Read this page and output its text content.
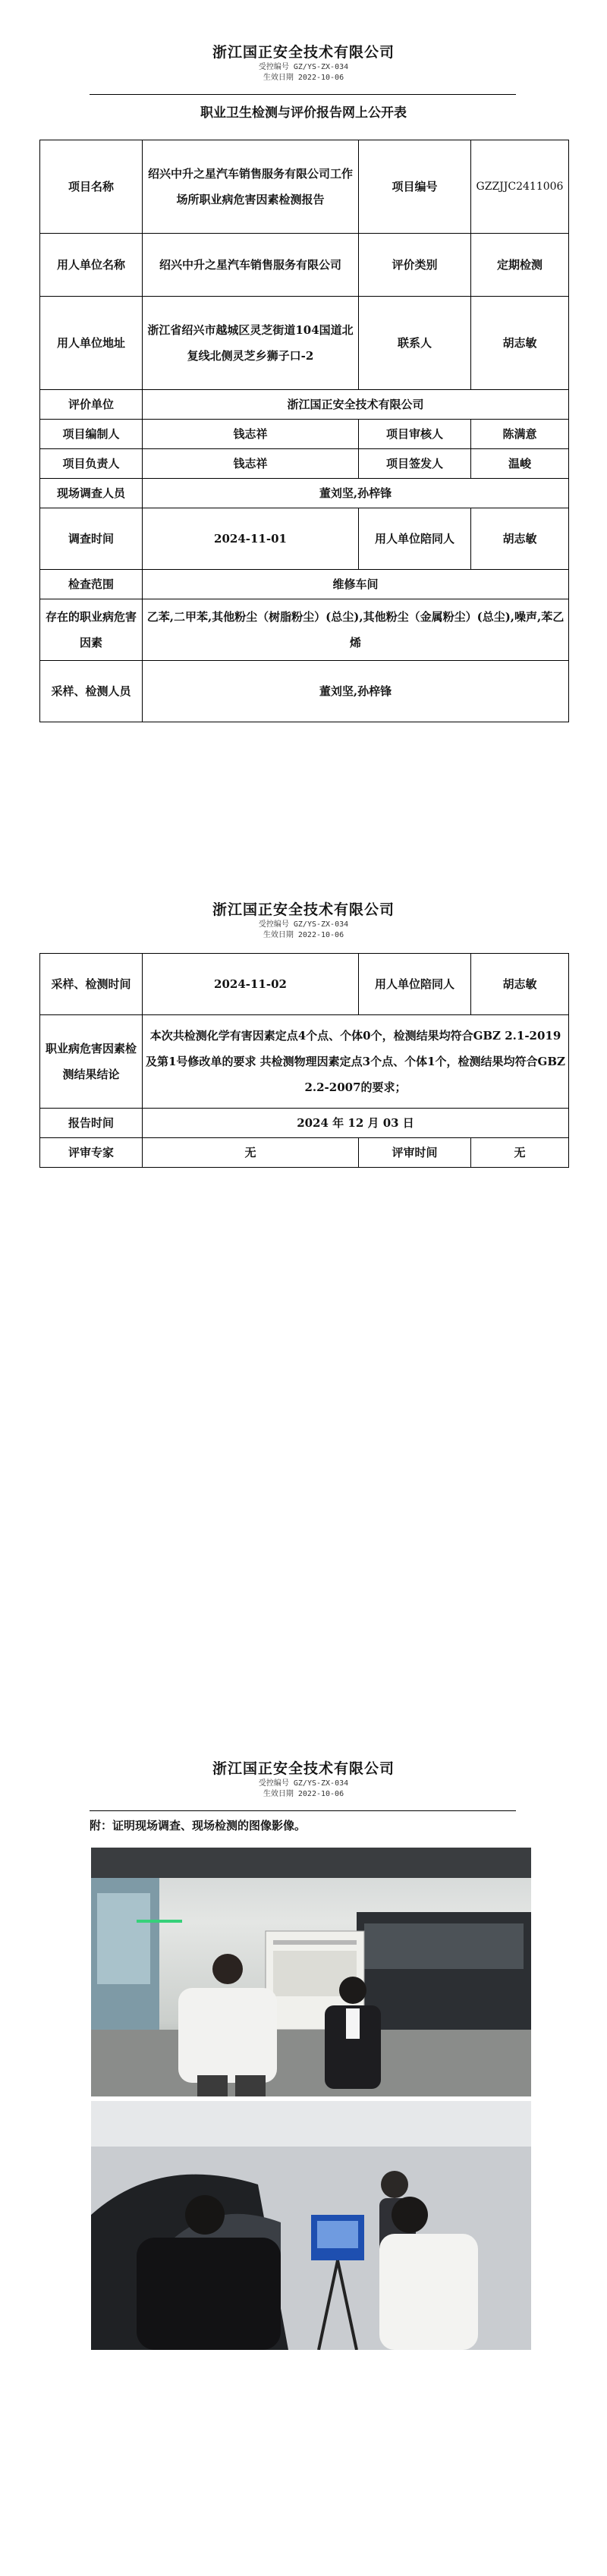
浙江国正安全技术有限公司
受控编号 GZ/YS-ZX-034
生效日期 2022-10-06
职业卫生检测与评价报告网上公开表
项目名称	绍兴中升之星汽车销售服务有限公司工作场所职业病危害因素检测报告	项目编号	GZZJJC2411006
用人单位名称	绍兴中升之星汽车销售服务有限公司	评价类别	定期检测
用人单位地址	浙江省绍兴市越城区灵芝街道104国道北复线北侧灵芝乡狮子口-2	联系人	胡志敏
评价单位	浙江国正安全技术有限公司		
项目编制人	钱志祥	项目审核人	陈满意
项目负责人	钱志祥	项目签发人	温峻
现场调查人员	董刘坚,孙梓锋		
调查时间	2024-11-01	用人单位陪同人	胡志敏
检查范围	维修车间		
存在的职业病危害因素	乙苯,二甲苯,其他粉尘（树脂粉尘）(总尘),其他粉尘（金属粉尘）(总尘),噪声,苯乙烯		
采样、检测人员	董刘坚,孙梓锋		
浙江国正安全技术有限公司
受控编号 GZ/YS-ZX-034
生效日期 2022-10-06
采样、检测时间	2024-11-02	用人单位陪同人	胡志敏
职业病危害因素检测结果结论	本次共检测化学有害因素定点4个点、个体0个，检测结果均符合GBZ 2.1-2019及第1号修改单的要求 共检测物理因素定点3个点、个体1个，检测结果均符合GBZ 2.2-2007的要求；		
报告时间	2024 年 12 月 03 日		
评审专家	无	评审时间	无
浙江国正安全技术有限公司
受控编号 GZ/YS-ZX-034
生效日期 2022-10-06
附：证明现场调查、现场检测的图像影像。
